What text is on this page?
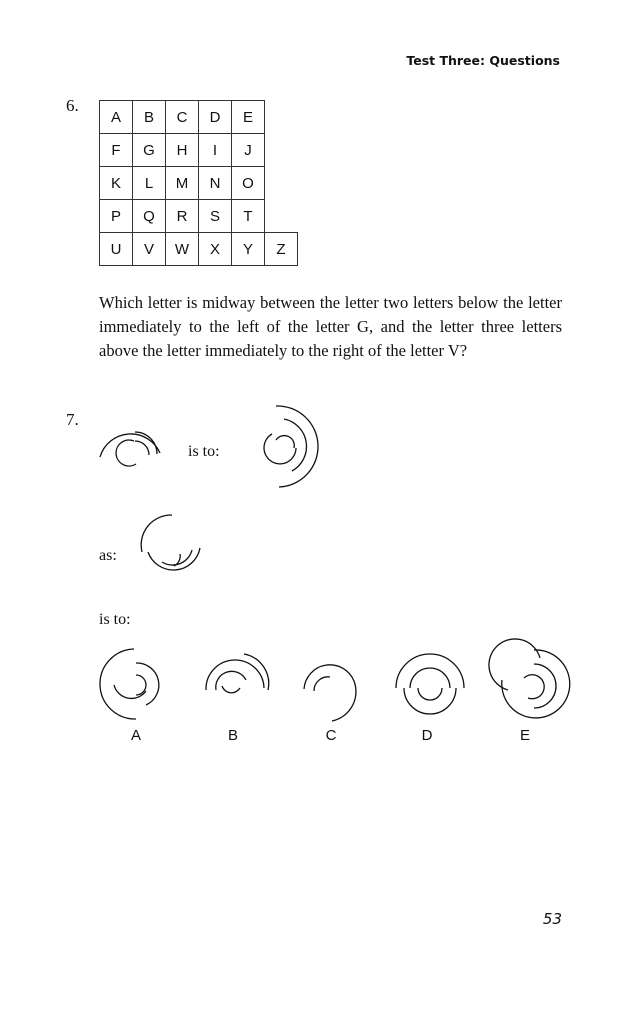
Test Three: Questions
6.
A	B	C	D	E	
F	G	H	I	J	
K	L	M	N	O	
P	Q	R	S	T	
U	V	W	X	Y	Z
Which letter is midway between the letter two letters below the letter immediately to the left of the letter G, and the letter three letters above the letter immediately to the right of the letter V?
7.
is to:
as:
is to:
A	B	C	D	E
53
